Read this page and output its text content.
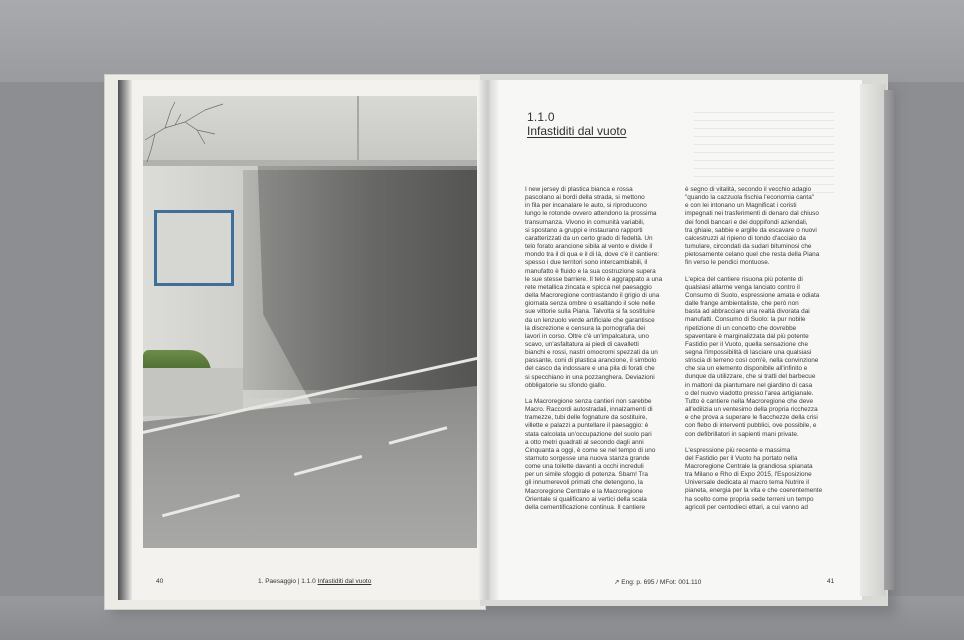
40	1. Paesaggio | 1.1.0 Infastiditi dal vuoto
1.1.0
Infastiditi dal vuoto

I new jersey di plastica bianca e rossa
pascolano ai bordi della strada, si mettono
in fila per incanalare le auto, si riproducono
lungo le rotonde ovvero attendono la prossima
transumanza. Vivono in comunità variabili,
si spostano a gruppi e instaurano rapporti
caratterizzati da un certo grado di fedeltà. Un
telo forato arancione sibila al vento e divide il
mondo tra il di qua e il di là, dove c'è il cantiere:
spesso i due territori sono intercambiabili, il
manufatto è fluido e la sua costruzione supera
le sue stesse barriere. Il telo è aggrappato a una
rete metallica zincata e spicca nel paesaggio
della Macroregione contrastando il grigio di una
giornata senza ombre o esaltando il sole nelle
sue vittorie sulla Piana. Talvolta si fa sostituire
da un lenzuolo verde artificiale che garantisce
la discrezione e censura la pornografia dei
lavori in corso. Oltre c'è un'impalcatura, uno
scavo, un'asfaltatura ai piedi di cavalletti
bianchi e rossi, nastri omocromi spezzati da un
passante, coni di plastica arancione, il simbolo
del casco da indossare e una pila di forati che
si specchiano in una pozzanghera. Deviazioni
obbligatorie su sfondo giallo.

La Macroregione senza cantieri non sarebbe
Macro. Raccordi autostradali, innalzamenti di
tramezze, tubi delle fognature da sostituire,
villette e palazzi a puntellare il paesaggio: è
stata calcolata un'occupazione del suolo pari
a otto metri quadrati al secondo dagli anni
Cinquanta a oggi, è come se nel tempo di uno
starnuto sorgesse una nuova stanza grande
come una toilette davanti a occhi increduli
per un simile sfoggio di potenza. Sbam! Tra
gli innumerevoli primati che detengono, la
Macroregione Centrale e la Macroregione
Orientale si qualificano ai vertici della scala
della cementificazione continua. Il cantiere

è segno di vitalità, secondo il vecchio adagio
"quando la cazzuola fischia l'economia canta"
e con lei intonano un Magnificat i coristi
impegnati nei trasferimenti di denaro dal chiuso
dei fondi bancari e dei doppifondi aziendali,
tra ghiaie, sabbie e argille da escavare o nuovi
calcestruzzi al ripieno di tondo d'acciaio da
tumulare, circondati da sudari bituminosi che
pietosamente celano quel che resta della Piana
fin verso le pendici montuose.

L'epica del cantiere risuona più potente di
qualsiasi allarme venga lanciato contro il
Consumo di Suolo, espressione amata e odiata
dalle frange ambientaliste, che però non
basta ad abbracciare una realtà divorata dai
manufatti. Consumo di Suolo: la pur nobile
ripetizione di un concetto che dovrebbe
spaventare è marginalizzata dal più potente
Fastidio per il Vuoto, quella sensazione che
segna l'impossibilità di lasciare una qualsiasi
striscia di terreno così com'è, nella convinzione
che sia un elemento disponibile all'infinito e
dunque da utilizzare, che si tratti del barbecue
in mattoni da piantumare nel giardino di casa
o del nuovo viadotto presso l'area artigianale.
Tutto è cantiere nella Macroregione che deve
all'edilizia un ventesimo della propria ricchezza
e che prova a superare le fiacchezze della crisi
con flebo di interventi pubblici, ove possibile, e
con defibrillatori in sapienti mani private.

L'espressione più recente e massima
del Fastidio per il Vuoto ha portato nella
Macroregione Centrale la grandiosa spianata
tra Milano e Rho di Expo 2015, l'Esposizione
Universale dedicata al macro tema Nutrire il
pianeta, energia per la vita e che coerentemente
ha scelto come propria sede terreni un tempo
agricoli per centodieci ettari, a cui vanno ad

↗ Eng: p. 695 / MFot: 001.110	41
